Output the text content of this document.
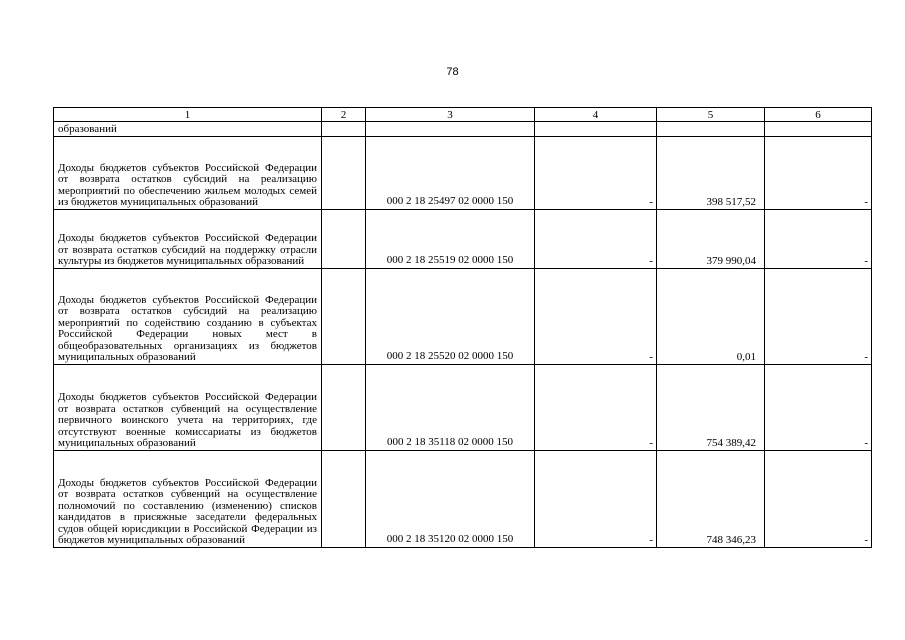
78
1	2	3	4	5	6
образований					
Доходы бюджетов субъектов Российской Федерации от возврата остатков субсидий на реализацию мероприятий по обеспечению жильем молодых семей из бюджетов муниципальных образований		000 2 18 25497 02 0000 150	-	398 517,52	-
Доходы бюджетов субъектов Российской Федерации от возврата остатков субсидий на поддержку отрасли культуры из бюджетов муниципальных образований		000 2 18 25519 02 0000 150	-	379 990,04	-
Доходы бюджетов субъектов Российской Федерации от возврата остатков субсидий на реализацию мероприятий по содействию созданию в субъектах Российской Федерации новых мест в общеобразовательных организациях из бюджетов муниципальных образований		000 2 18 25520 02 0000 150	-	0,01	-
Доходы бюджетов субъектов Российской Федерации от возврата остатков субвенций на осуществление первичного воинского учета на территориях, где отсутствуют военные комиссариаты из бюджетов муниципальных образований		000 2 18 35118 02 0000 150	-	754 389,42	-
Доходы бюджетов субъектов Российской Федерации от возврата остатков субвенций на осуществление полномочий по составлению (изменению) списков кандидатов в присяжные заседатели федеральных судов общей юрисдикции в Российской Федерации из бюджетов муниципальных образований		000 2 18 35120 02 0000 150	-	748 346,23	-
